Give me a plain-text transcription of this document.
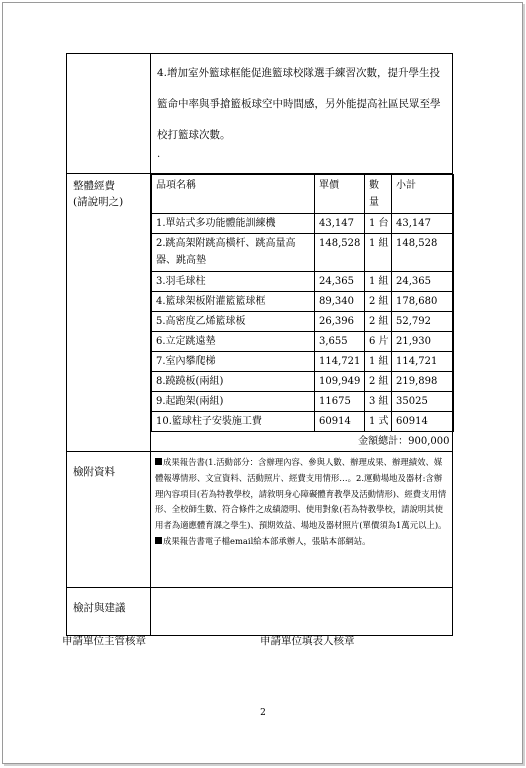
4.增加室外籃球框能促進籃球校隊選手練習次數，提升學生投籃命中率與爭搶籃板球空中時間感，另外能提高社區民眾至學校打籃球次數。
.

整體經費
(請說明之)

品項名稱	單價	數量	小計
1.單站式多功能體能訓練機	43,147	1 台	43,147
2.跳高架附跳高橫杆、跳高量高器、跳高墊	148,528	1 組	148,528
3.羽毛球柱	24,365	1 組	24,365
4.籃球架板附灌籃籃球框	89,340	2 組	178,680
5.高密度乙烯籃球板	26,396	2 組	52,792
6.立定跳遠墊	3,655	6 片	21,930
7.室內攀爬梯	114,721	1 組	114,721
8.蹺蹺板(兩組)	109,949	2 組	219,898
9.起跑架(兩組)	11675	3 組	35025
10.籃球柱子安裝施工費	60914	1 式	60914
金額總計：900,000

檢附資料

成果報告書(1.活動部分：含辦理內容、參與人數、辦理成果、辦理績效、媒體報導情形、文宣資料、活動照片、經費支用情形…。2.運動場地及器材:含辦理內容項目(若為特教學校，請敘明身心障礙體育教學及活動情形)、經費支用情形、全校師生數、符合條件之成績證明、使用對象(若為特教學校，請說明其使用者為適應體育課之學生)、預期效益、場地及器材照片(單價須為1萬元以上)。
成果報告書電子檔email給本部承辦人，張貼本部網站。

檢討與建議

申請單位主管核章	申請單位填表人核章
2
